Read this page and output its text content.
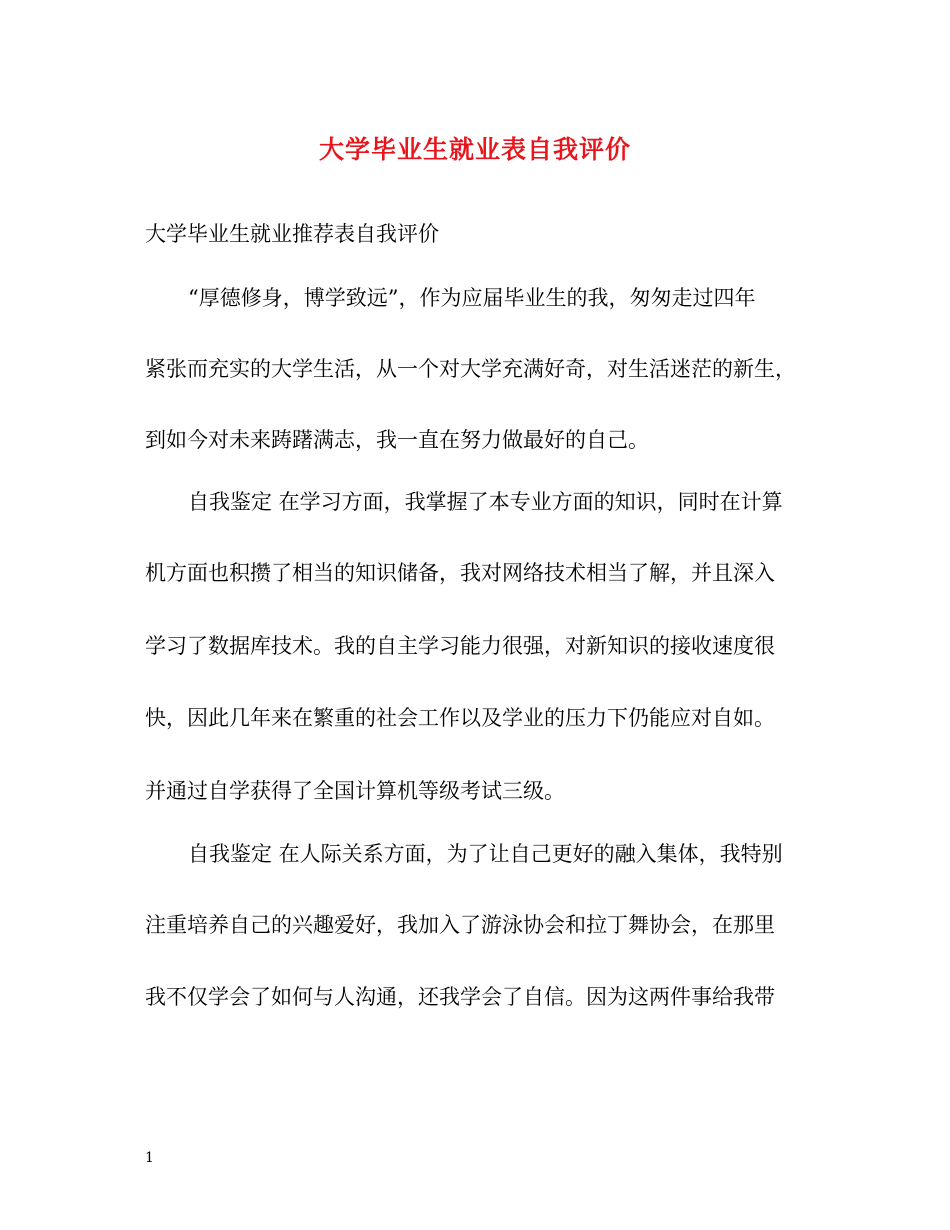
大学毕业生就业表自我评价
大学毕业生就业推荐表自我评价
“厚德修身，博学致远”，作为应届毕业生的我，匆匆走过四年
紧张而充实的大学生活，从一个对大学充满好奇，对生活迷茫的新生，
到如今对未来踌躇满志，我一直在努力做最好的自己。
自我鉴定 在学习方面，我掌握了本专业方面的知识，同时在计算
机方面也积攒了相当的知识储备，我对网络技术相当了解，并且深入
学习了数据库技术。我的自主学习能力很强，对新知识的接收速度很
快，因此几年来在繁重的社会工作以及学业的压力下仍能应对自如。
并通过自学获得了全国计算机等级考试三级。
自我鉴定 在人际关系方面，为了让自己更好的融入集体，我特别
注重培养自己的兴趣爱好，我加入了游泳协会和拉丁舞协会，在那里
我不仅学会了如何与人沟通，还我学会了自信。因为这两件事给我带
1
